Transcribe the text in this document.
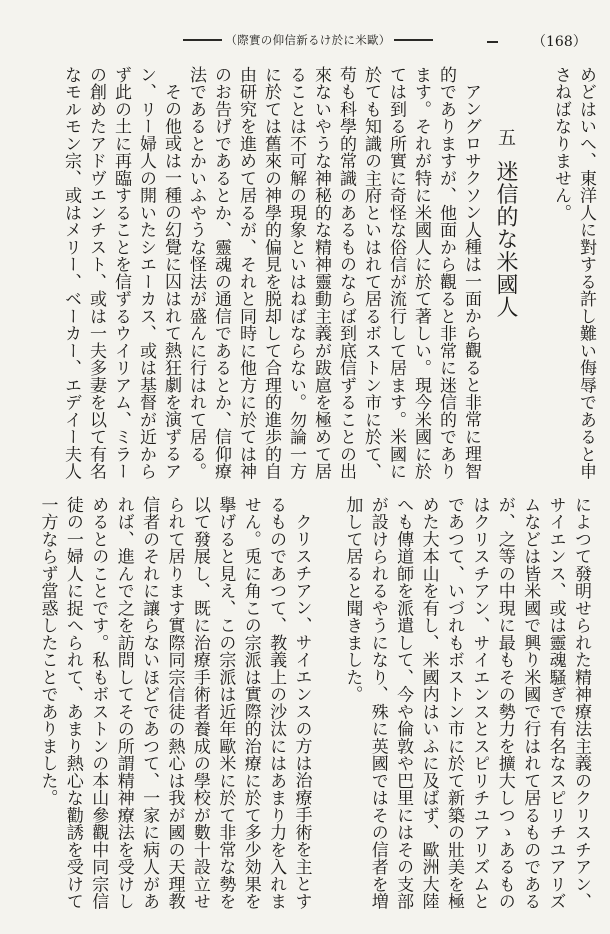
（歐米に於ける新信仰の實際）	（168）
めどはいへ、東洋人に對する許し難い侮辱であると申
さねばなりません。
五迷信的な米國人
アングロサクソン人種は一面から觀ると非常に理智
的でありますが、他面から觀ると非常に迷信的であり
ます。それが特に米國人に於て著しい。現今米國に於
ては到る所實に奇怪な俗信が流行して居ます。米國に
於ても知識の主府といはれて居るボストン市に於て、
苟も科學的常識のあるものならば到底信ずることの出
來ないやうな神秘的な精神靈動主義が跋扈を極めて居
ることは不可解の現象といはねばならない。勿論一方
に於ては舊來の神學的偏見を脱却して合理的進歩的自
由研究を進めて居るが、それと同時に他方に於ては神
のお告げであるとか、靈魂の通信であるとか、信仰療
法であるとかいふやうな怪法が盛んに行はれて居る。
その他或は一種の幻覺に囚はれて熱狂劇を演ずるア
ン、リー婦人の開いたシエーカス、或は基督が近から
ず此の土に再臨することを信ずるウイリアム、ミラー
の創めたアドヴエンチスト、或は一夫多妻を以て有名
なモルモン宗、或はメリー、ベーカー、エデイー夫人
によつて發明せられた精神療法主義のクリスチアン、
サイエンス、或は靈魂騷ぎで有名なスピリチユアリズ
ムなどは皆米國で興り米國で行はれて居るものである
が、之等の中現に最もその勢力を擴大しつゝあるもの
はクリスチアン、サイエンスとスピリチユアリズムと
であつて、いづれもボストン市に於て新築の壯美を極
めた大本山を有し、米國内はいふに及ばず、歐洲大陸
へも傳道師を派遣して、今や倫敦や巴里にはその支部
が設けられるやうになり、殊に英國ではその信者を増
加して居ると聞きました。
クリスチアン、サイエンスの方は治療手術を主とす
るものであつて、教義上の沙汰にはあまり力を入れま
せん。兎に角この宗派は實際的治療に於て多少効果を
擧げると見え、この宗派は近年歐米に於て非常な勢を
以て發展し、既に治療手術者養成の學校が數十設立せ
られて居ります實際同宗信徒の熱心は我が國の天理教
信者のそれに讓らないほどであつて、一家に病人があ
れば、進んで之を訪問してその所謂精神療法を受けし
めるとのことです。私もボストンの本山參觀中同宗信
徒の一婦人に捉へられて、あまり熱心な勸誘を受けて
一方ならず當惑したことでありました。
